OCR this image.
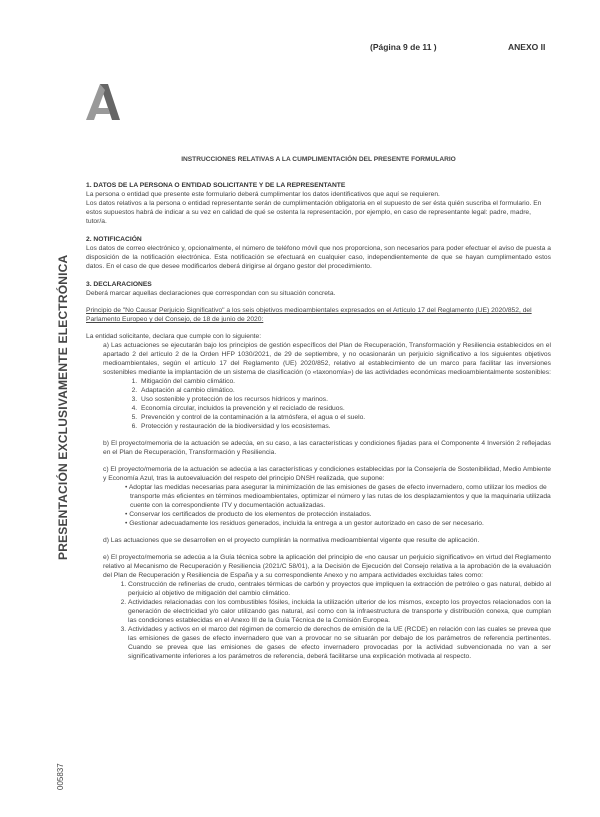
(Página 9 de 11 )	ANEXO II
PRESENTACIÓN EXCLUSIVAMENTE ELECTRÓNICA
005837

INSTRUCCIONES RELATIVAS A LA CUMPLIMENTACIÓN DEL PRESENTE FORMULARIO

1. DATOS DE LA PERSONA O ENTIDAD SOLICITANTE Y DE LA REPRESENTANTE

La persona o entidad que presente este formulario deberá cumplimentar los datos identificativos que aquí se requieren.

Los datos relativos a la persona o entidad representante serán de cumplimentación obligatoria en el supuesto de ser ésta quién suscriba el formulario. En estos supuestos habrá de indicar a su vez en calidad de qué se ostenta la representación, por ejemplo, en caso de representante legal: padre, madre, tutor/a.

2. NOTIFICACIÓN

Los datos de correo electrónico y, opcionalmente, el número de teléfono móvil que nos proporciona, son necesarios para poder efectuar el aviso de puesta a disposición de la notificación electrónica. Esta notificación se efectuará en cualquier caso, independientemente de que se hayan cumplimentado estos datos. En el caso de que desee modificarlos deberá dirigirse al órgano gestor del procedimiento.

3. DECLARACIONES

Deberá marcar aquellas declaraciones que correspondan con su situación concreta.

Principio de "No Causar Perjuicio Significativo" a los seis objetivos medioambientales expresados en el Artículo 17 del Reglamento (UE) 2020/852, del Parlamento Europeo y del Consejo, de 18 de junio de 2020:

La entidad solicitante, declara que cumple con lo siguiente:

a) Las actuaciones se ejecutarán bajo los principios de gestión específicos del Plan de Recuperación, Transformación y Resiliencia establecidos en el apartado 2 del artículo 2 de la Orden HFP 1030/2021, de 29 de septiembre, y no ocasionarán un perjuicio significativo a los siguientes objetivos medioambientales, según el artículo 17 del Reglamento (UE) 2020/852, relativo al establecimiento de un marco para facilitar las inversiones sostenibles mediante la implantación de un sistema de clasificación (o «taxonomía») de las actividades económicas medioambientalmente sostenibles:

1. Mitigación del cambio climático.
2. Adaptación al cambio climático.
3. Uso sostenible y protección de los recursos hídricos y marinos.
4. Economía circular, incluidos la prevención y el reciclado de residuos.
5. Prevención y control de la contaminación a la atmósfera, el agua o el suelo.
6. Protección y restauración de la biodiversidad y los ecosistemas.

b) El proyecto/memoria de la actuación se adecúa, en su caso, a las características y condiciones fijadas para el Componente 4 Inversión 2 reflejadas en el Plan de Recuperación, Transformación y Resiliencia.

c) El proyecto/memoria de la actuación se adecúa a las características y condiciones establecidas por la Consejería de Sostenibilidad, Medio Ambiente y Economía Azul, tras la autoevaluación del respeto del principio DNSH realizada, que supone:

• Adoptar las medidas necesarias para asegurar la minimización de las emisiones de gases de efecto invernadero, como utilizar los medios de transporte más eficientes en términos medioambientales, optimizar el número y las rutas de los desplazamientos y que la maquinaria utilizada cuente con la correspondiente ITV y documentación actualizadas.
• Conservar los certificados de producto de los elementos de protección instalados.
• Gestionar adecuadamente los residuos generados, incluida la entrega a un gestor autorizado en caso de ser necesario.

d) Las actuaciones que se desarrollen en el proyecto cumplirán la normativa medioambiental vigente que resulte de aplicación.

e) El proyecto/memoria se adecúa a la Guía técnica sobre la aplicación del principio de «no causar un perjuicio significativo» en virtud del Reglamento relativo al Mecanismo de Recuperación y Resiliencia (2021/C 58/01), a la Decisión de Ejecución del Consejo relativa a la aprobación de la evaluación del Plan de Recuperación y Resiliencia de España y a su correspondiente Anexo y no ampara actividades excluidas tales como:

1. Construcción de refinerías de crudo, centrales térmicas de carbón y proyectos que impliquen la extracción de petróleo o gas natural, debido al perjuicio al objetivo de mitigación del cambio climático.
2. Actividades relacionadas con los combustibles fósiles, incluida la utilización ulterior de los mismos, excepto los proyectos relacionados con la generación de electricidad y/o calor utilizando gas natural, así como con la infraestructura de transporte y distribución conexa, que cumplan las condiciones establecidas en el Anexo III de la Guía Técnica de la Comisión Europea.
3. Actividades y activos en el marco del régimen de comercio de derechos de emisión de la UE (RCDE) en relación con las cuales se prevea que las emisiones de gases de efecto invernadero que van a provocar no se situarán por debajo de los parámetros de referencia pertinentes. Cuando se prevea que las emisiones de gases de efecto invernadero provocadas por la actividad subvencionada no van a ser significativamente inferiores a los parámetros de referencia, deberá facilitarse una explicación motivada al respecto.
